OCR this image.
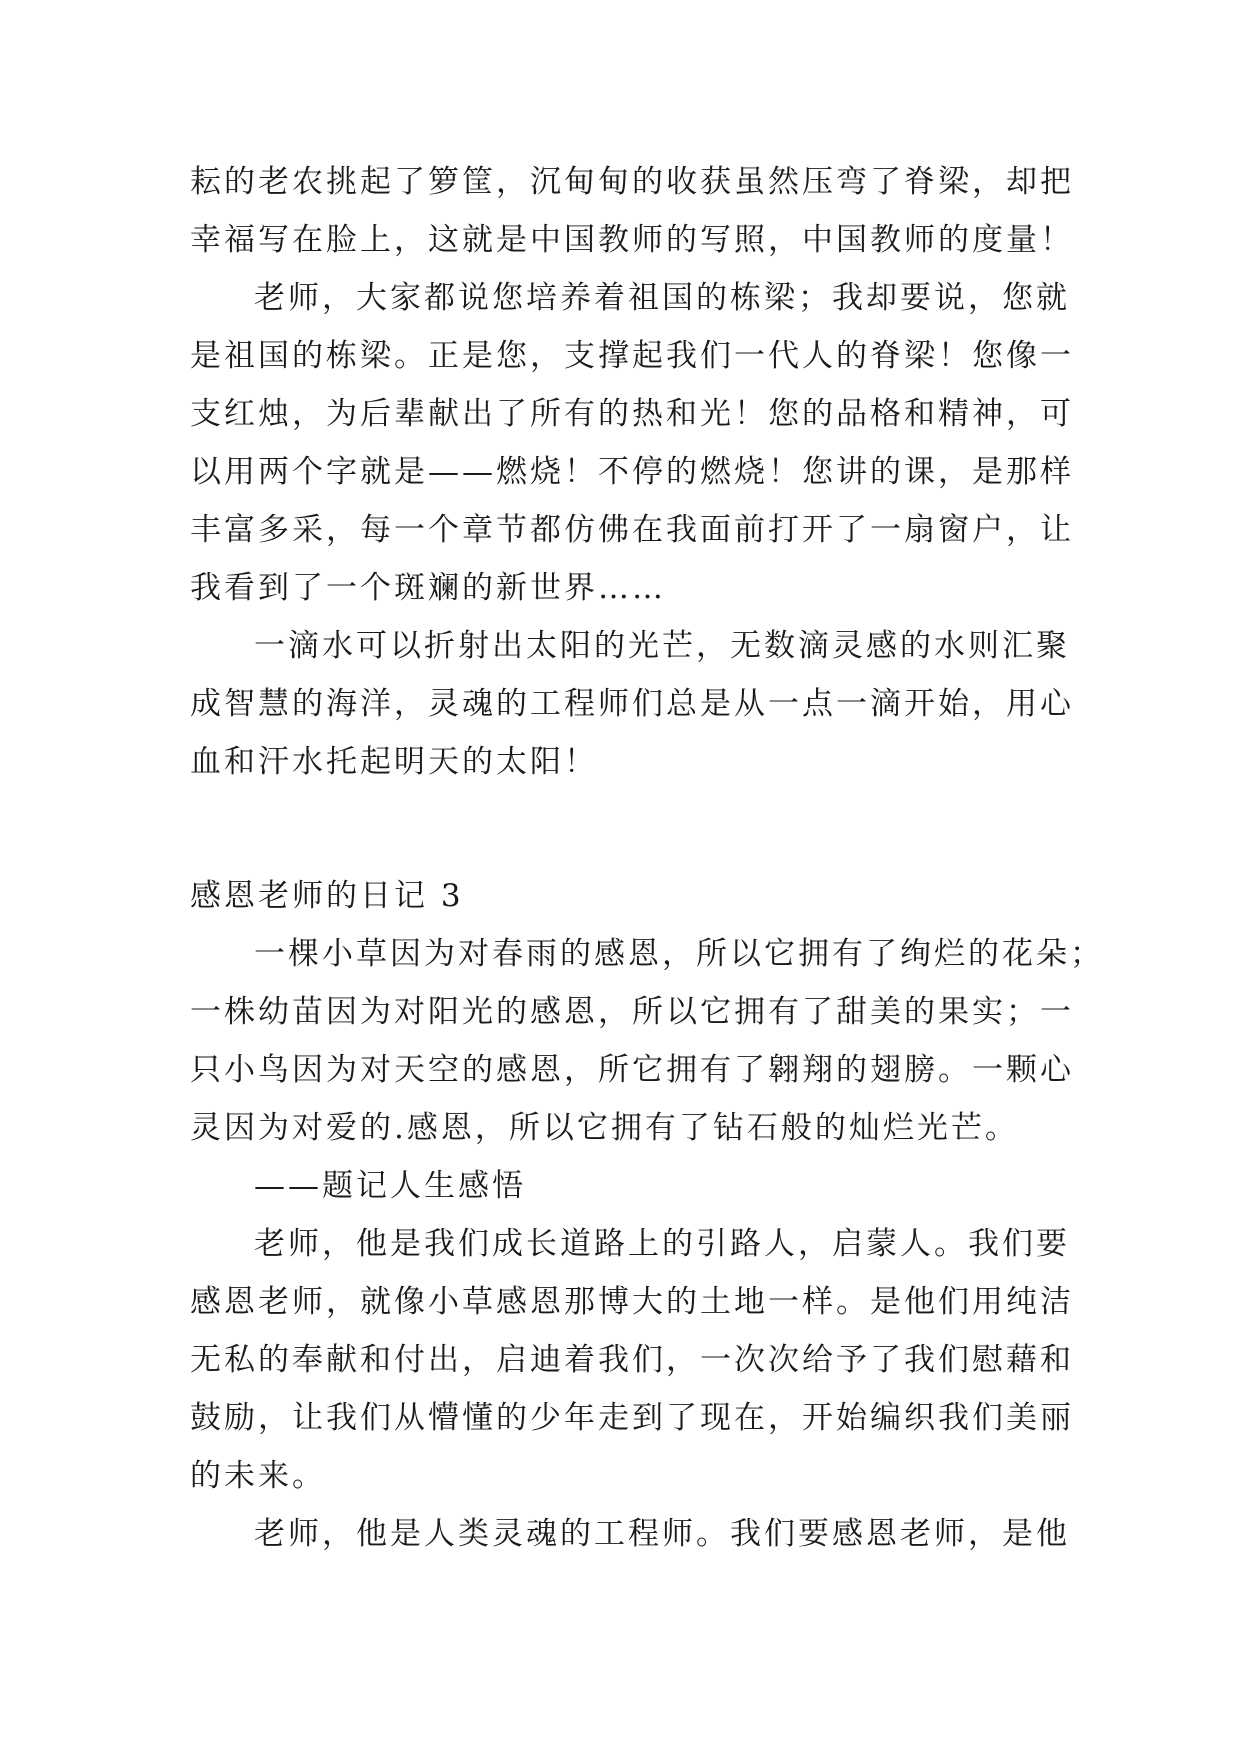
耘的老农挑起了箩筐，沉甸甸的收获虽然压弯了脊梁，却把
幸福写在脸上，这就是中国教师的写照，中国教师的度量！
老师，大家都说您培养着祖国的栋梁；我却要说，您就
是祖国的栋梁。正是您，支撑起我们一代人的脊梁！您像一
支红烛，为后辈献出了所有的热和光！您的品格和精神，可
以用两个字就是——燃烧！不停的燃烧！您讲的课，是那样
丰富多采，每一个章节都仿佛在我面前打开了一扇窗户，让
我看到了一个斑斓的新世界……
一滴水可以折射出太阳的光芒，无数滴灵感的水则汇聚
成智慧的海洋，灵魂的工程师们总是从一点一滴开始，用心
血和汗水托起明天的太阳！
感恩老师的日记 3
一棵小草因为对春雨的感恩，所以它拥有了绚烂的花朵；
一株幼苗因为对阳光的感恩，所以它拥有了甜美的果实；一
只小鸟因为对天空的感恩，所它拥有了翱翔的翅膀。一颗心
灵因为对爱的.感恩，所以它拥有了钻石般的灿烂光芒。
——题记人生感悟
老师，他是我们成长道路上的引路人，启蒙人。我们要
感恩老师，就像小草感恩那博大的土地一样。是他们用纯洁
无私的奉献和付出，启迪着我们，一次次给予了我们慰藉和
鼓励，让我们从懵懂的少年走到了现在，开始编织我们美丽
的未来。
老师，他是人类灵魂的工程师。我们要感恩老师，是他
